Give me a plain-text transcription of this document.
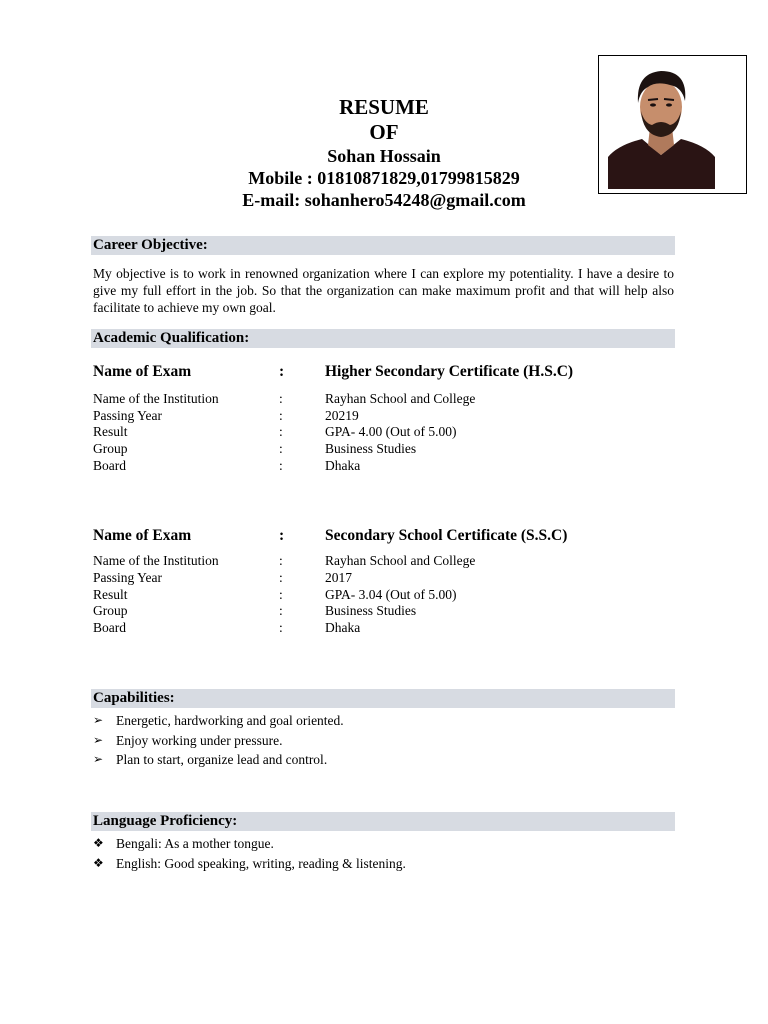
RESUME
OF
Sohan Hossain
Mobile : 01810871829,01799815829
E-mail: sohanhero54248@gmail.com
Career Objective:
My objective is to work in renowned organization where I can explore my potentiality. I have a desire to give my full effort in the job. So that the organization can make maximum profit and that will help also facilitate to achieve my own goal.
Academic Qualification:
Name of Exam	:	Higher Secondary Certificate (H.S.C)
Name of the Institution	:	Rayhan School and College
Passing Year	:	20219
Result	:	GPA- 4.00 (Out of 5.00)
Group	:	Business Studies
Board	:	Dhaka
Name of Exam	:	Secondary School Certificate (S.S.C)
Name of the Institution	:	Rayhan School and College
Passing Year	:	2017
Result	:	GPA- 3.04 (Out of 5.00)
Group	:	Business Studies
Board	:	Dhaka
Capabilities:
➢ Energetic, hardworking and goal oriented.
➢ Enjoy working under pressure.
➢ Plan to start, organize lead and control.
Language Proficiency:
❖ Bengali: As a mother tongue.
❖ English: Good speaking, writing, reading & listening.
